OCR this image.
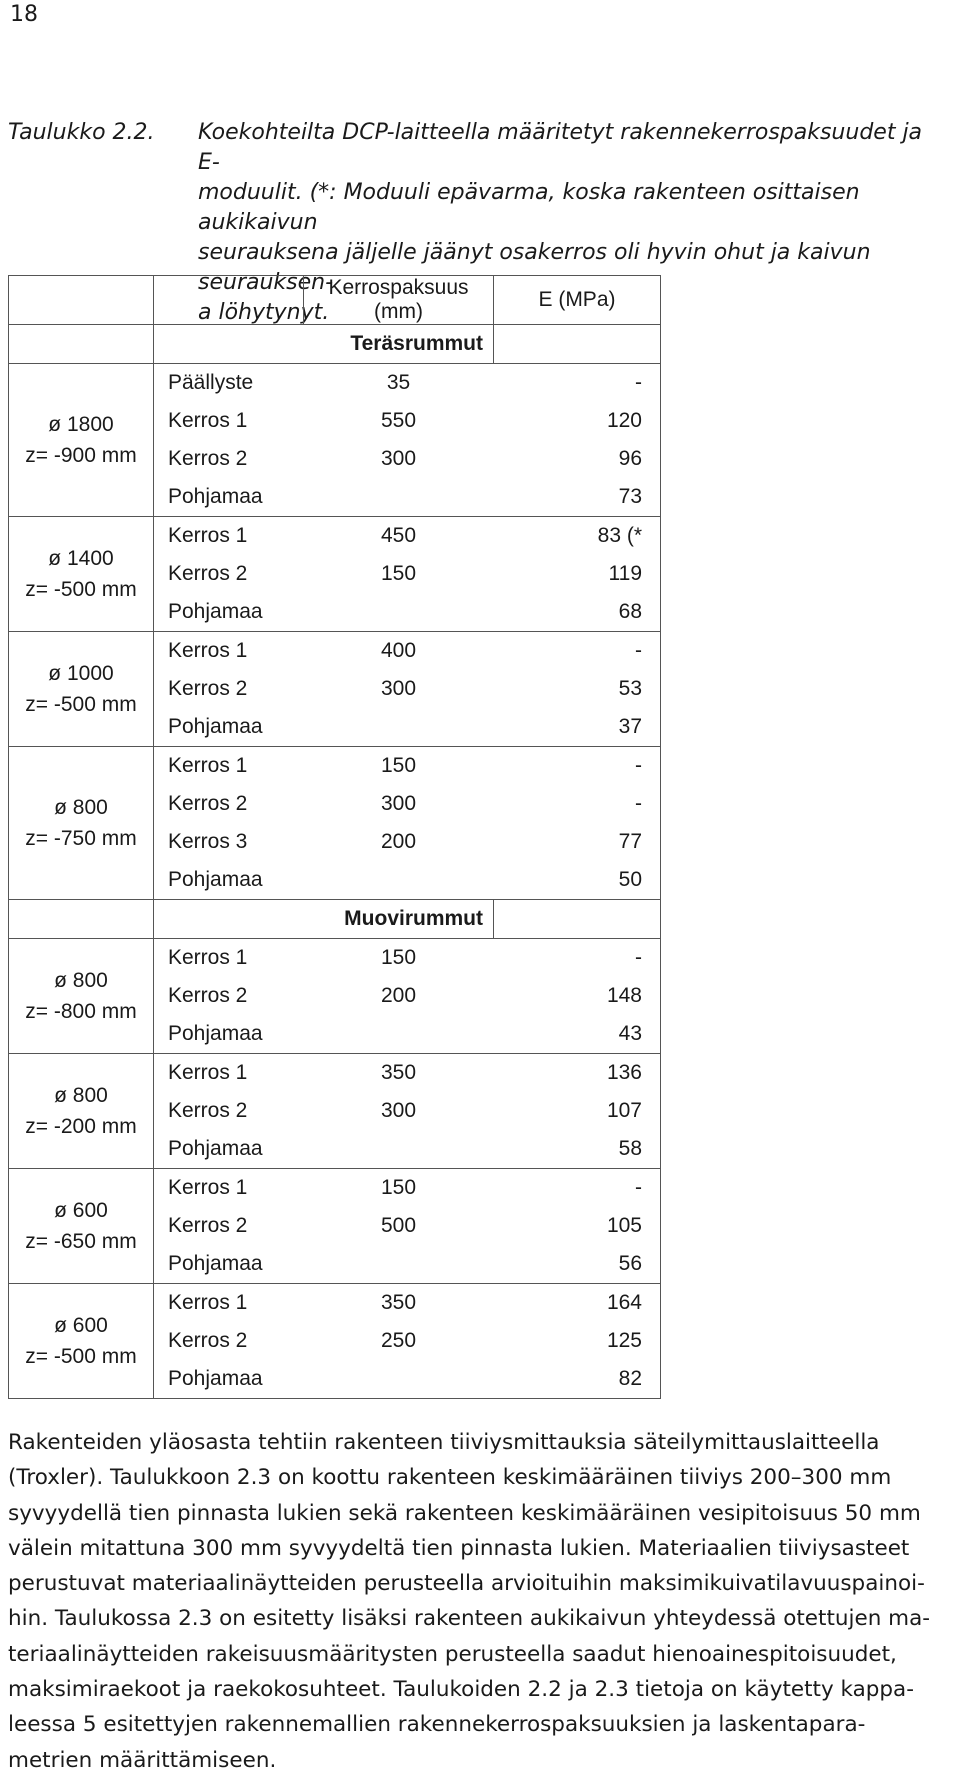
18
Taulukko 2.2. Koekohteilta DCP-laitteella määritetyt rakennekerrospaksuudet ja E-
moduulit. (*: Moduuli epävarma, koska rakenteen osittaisen aukikaivun
seurauksena jäljelle jäänyt osakerros oli hyvin ohut ja kaivun seurauksen-
a löhytynyt.
		Kerrospaksuus (mm)	E (MPa)
	Teräsrummut		

ø 1800
z= -900 mm	Päällyste	35	-
	Kerros 1	550	120
	Kerros 2	300	96
	Pohjamaa		73

ø 1400
z= -500 mm	Kerros 1	450	83 (*
	Kerros 2	150	119
	Pohjamaa		68

ø 1000
z= -500 mm	Kerros 1	400	-
	Kerros 2	300	53
	Pohjamaa		37

ø 800
z= -750 mm	Kerros 1	150	-
	Kerros 2	300	-
	Kerros 3	200	77
	Pohjamaa		50
	Muovirummut		

ø 800
z= -800 mm	Kerros 1	150	-
	Kerros 2	200	148
	Pohjamaa		43

ø 800
z= -200 mm	Kerros 1	350	136
	Kerros 2	300	107
	Pohjamaa		58

ø 600
z= -650 mm	Kerros 1	150	-
	Kerros 2	500	105
	Pohjamaa		56

ø 600
z= -500 mm	Kerros 1	350	164
	Kerros 2	250	125
	Pohjamaa		82
Rakenteiden yläosasta tehtiin rakenteen tiiviysmittauksia säteilymittauslaitteella
(Troxler). Taulukkoon 2.3 on koottu rakenteen keskimääräinen tiiviys 200–300 mm
syvyydellä tien pinnasta lukien sekä rakenteen keskimääräinen vesipitoisuus 50 mm
välein mitattuna 300 mm syvyydeltä tien pinnasta lukien. Materiaalien tiiviysasteet
perustuvat materiaalinäytteiden perusteella arvioituihin maksimikuivatilavuuspainoi-
hin. Taulukossa 2.3 on esitetty lisäksi rakenteen aukikaivun yhteydessä otettujen ma-
teriaalinäytteiden rakeisuusmääritysten perusteella saadut hienoainespitoisuudet,
maksimiraekoot ja raekokosuhteet. Taulukoiden 2.2 ja 2.3 tietoja on käytetty kappa-
leessa 5 esitettyjen rakennemallien rakennekerrospaksuuksien ja laskentapara-
metrien määrittämiseen.
